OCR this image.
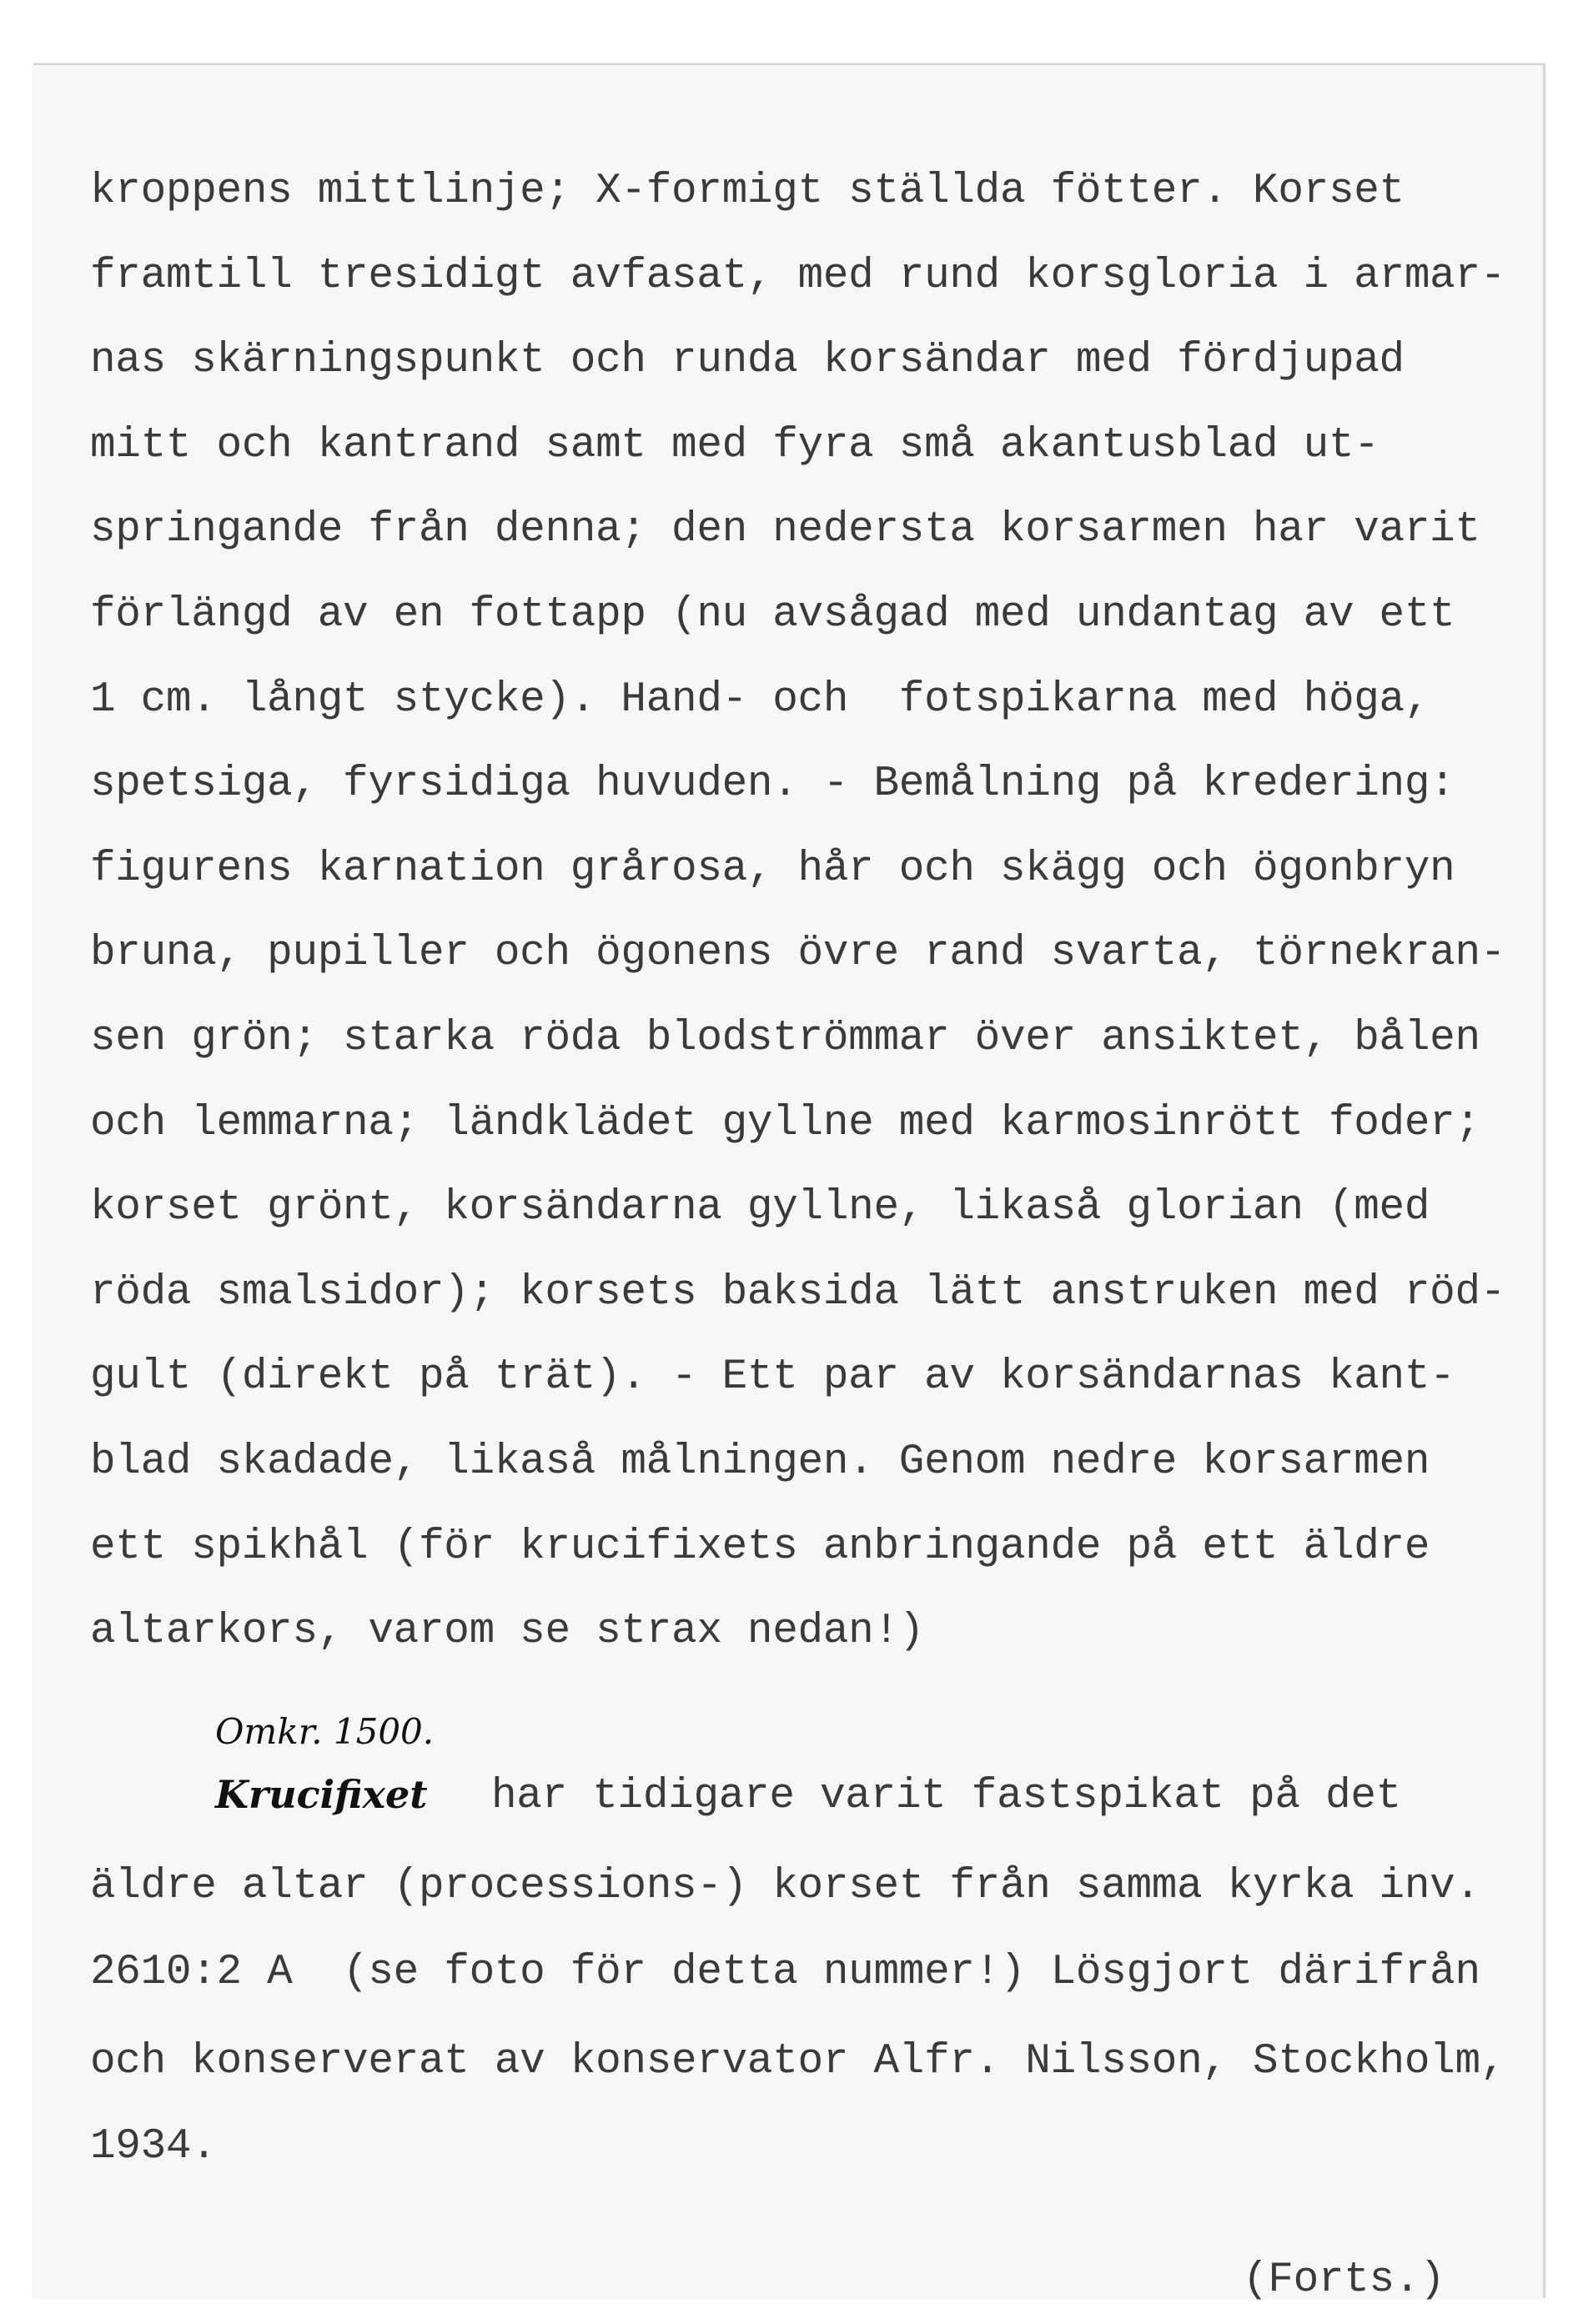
kroppens mittlinje; X-formigt ställda fötter. Korset
framtill tresidigt avfasat, med rund korsgloria i armar-
nas skärningspunkt och runda korsändar med fördjupad
mitt och kantrand samt med fyra små akantusblad ut-
springande från denna; den nedersta korsarmen har varit
förlängd av en fottapp (nu avsågad med undantag av ett
1 cm. långt stycke). Hand- och  fotspikarna med höga,
spetsiga, fyrsidiga huvuden. - Bemålning på kredering:
figurens karnation gråros​a, hår och skägg och ögonbryn
bruna, pupiller och ögonens övre rand svarta, törnekran-
sen grön; starka röda blodströmmar över ansiktet, bålen
och lemmarna; ländklädet gyllne med karmosinrött foder;
korset grönt, korsändarna gyllne, likaså glorian (med
röda smalsidor); korsets baksida lätt anstruken med röd-
gult (direkt på trät). - Ett par av korsändarnas kant-
blad skadade, likaså målningen. Genom nedre korsarmen
ett spikhål (för krucifixets anbringande på ett äldre
altarkors, varom se strax nedan!)
Omkr. 1500.
Krucifixet har tidigare varit fastspikat på det
äldre altar (processions-) korset från samma kyrka inv.
2610:2 A  (se foto för detta nummer!) Lösgjort därifrån
och konserverat av konservator Alfr. Nilsson, Stockholm,
1934.
(Forts.)
